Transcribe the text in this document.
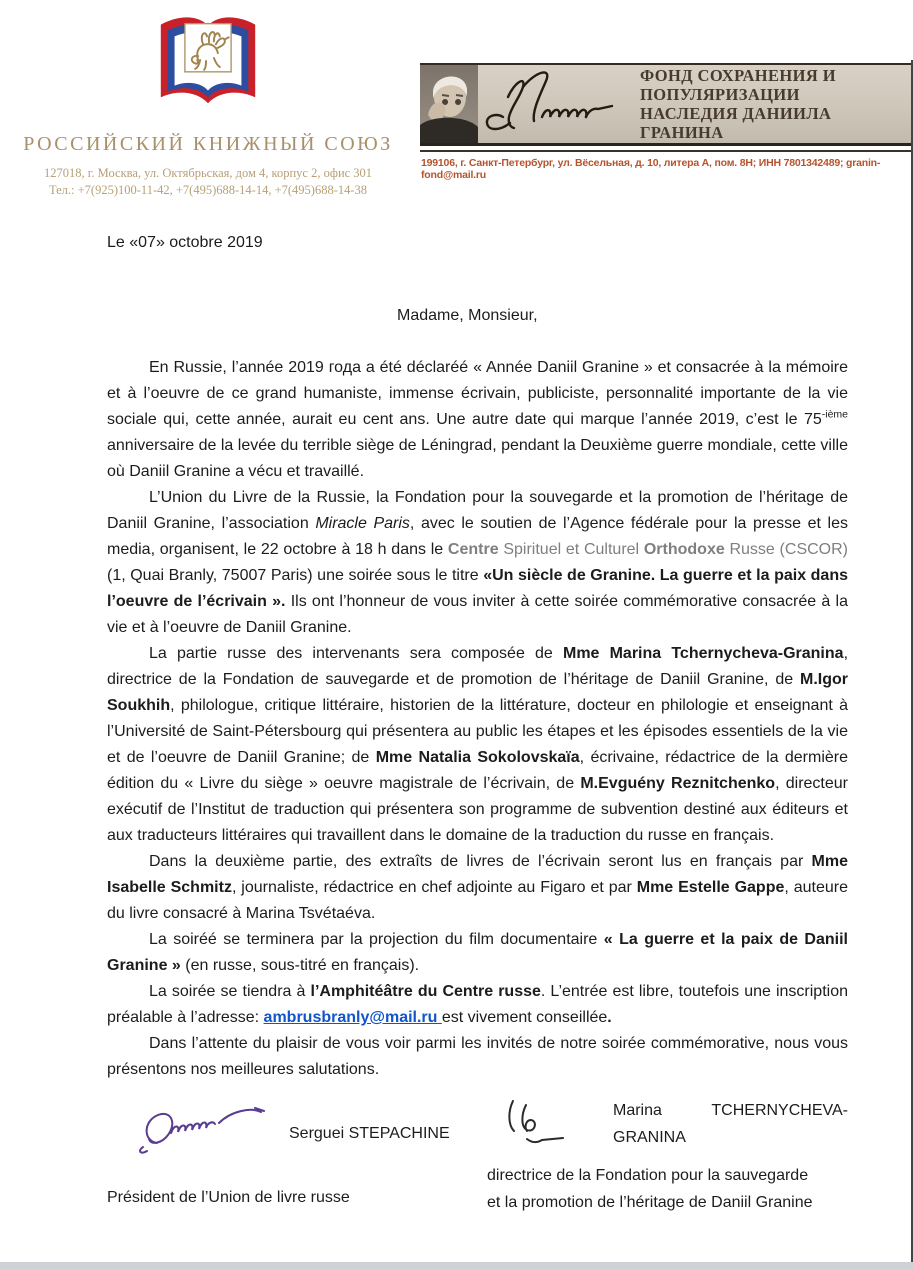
РОССИЙСКИЙ КНИЖНЫЙ СОЮЗ
127018, г. Москва, ул. Октябрьская, дом 4, корпус 2, офис 301
Тел.: +7(925)100-11-42, +7(495)688-14-14, +7(495)688-14-38
ФОНД СОХРАНЕНИЯ И ПОПУЛЯРИЗАЦИИ
НАСЛЕДИЯ ДАНИИЛА ГРАНИНА
199106, г. Санкт-Петербург, ул. Вёсельная, д. 10, литера А, пом. 8Н; ИНН 7801342489; granin-fond@mail.ru

Le «07» octobre 2019

Madame, Monsieur,

En Russie, l’année 2019 года a été déclaréé « Année Daniil Granine » et consacrée à la mémoire et à l’oeuvre de ce grand humaniste, immense écrivain, publiciste, personnalité importante de la vie sociale qui, cette année, aurait eu cent ans. Une autre date qui marque l’année 2019, c’est le $75^{-ième}$ anniversaire de la levée du terrible siège de Léningrad, pendant la Deuxième guerre mondiale, cette ville où Daniil Granine a vécu et travaillé.

L’Union du Livre de la Russie, la Fondation pour la souvegarde et la promotion de l’héritage de Daniil Granine, l’association Miracle Paris, avec le soutien de l’Agence fédérale pour la presse et les media, organisent, le 22 octobre à 18 h dans le Centre Spirituel et Culturel Orthodoxe Russe (CSCOR) (1, Quai Branly, 75007 Paris) une soirée sous le titre «Un siècle de Granine. La guerre et la paix dans l’oeuvre de l’écrivain ». Ils ont l’honneur de vous inviter à cette soirée commémorative consacrée à la vie et à l’oeuvre de Daniil Granine.

La partie russe des intervenants sera composée de Mme Marina Tchernycheva-Granina, directrice de la Fondation de sauvegarde et de promotion de l’héritage de Daniil Granine, de M.Igor Soukhih, philologue, critique littéraire, historien de la littérature, docteur en philologie et enseignant à l’Université de Saint-Pétersbourg qui présentera au public les étapes et les épisodes essentiels de la vie et de l’oeuvre de Daniil Granine; de Mme Natalia Sokolovskaïa, écrivaine, rédactrice de la dermière édition du « Livre du siège » oeuvre magistrale de l’écrivain, de M.Evguény Reznitchenko, directeur exécutif de l’Institut de traduction qui présentera son programme de subvention destiné aux éditeurs et aux traducteurs littéraires qui travaillent dans le domaine de la traduction du russe en français.

Dans la deuxième partie, des extraîts de livres de l’écrivain seront lus en français par Mme Isabelle Schmitz, journaliste, rédactrice en chef adjointe au Figaro et par Mme Estelle Gappe, auteure du livre consacré à Marina Tsvétaéva.

La soiréé se terminera par la projection du film documentaire « La guerre et la paix de Daniil Granine » (en russe, sous-titré en français).

La soirée se tiendra à l’Amphitéâtre du Centre russe. L’entrée est libre, toutefois une inscription préalable à l’adresse: ambrusbranly@mail.ru est vivement conseillée.

Dans l’attente du plaisir de vous voir parmi les invités de notre soirée commémorative, nous vous présentons nos meilleures salutations.

Serguei STEPACHINE
Président de l’Union de livre russe
Marina	TCHERNYCHEVA-
GRANINA
directrice de la Fondation pour la sauvegarde
et la promotion de l’héritage de Daniil Granine
